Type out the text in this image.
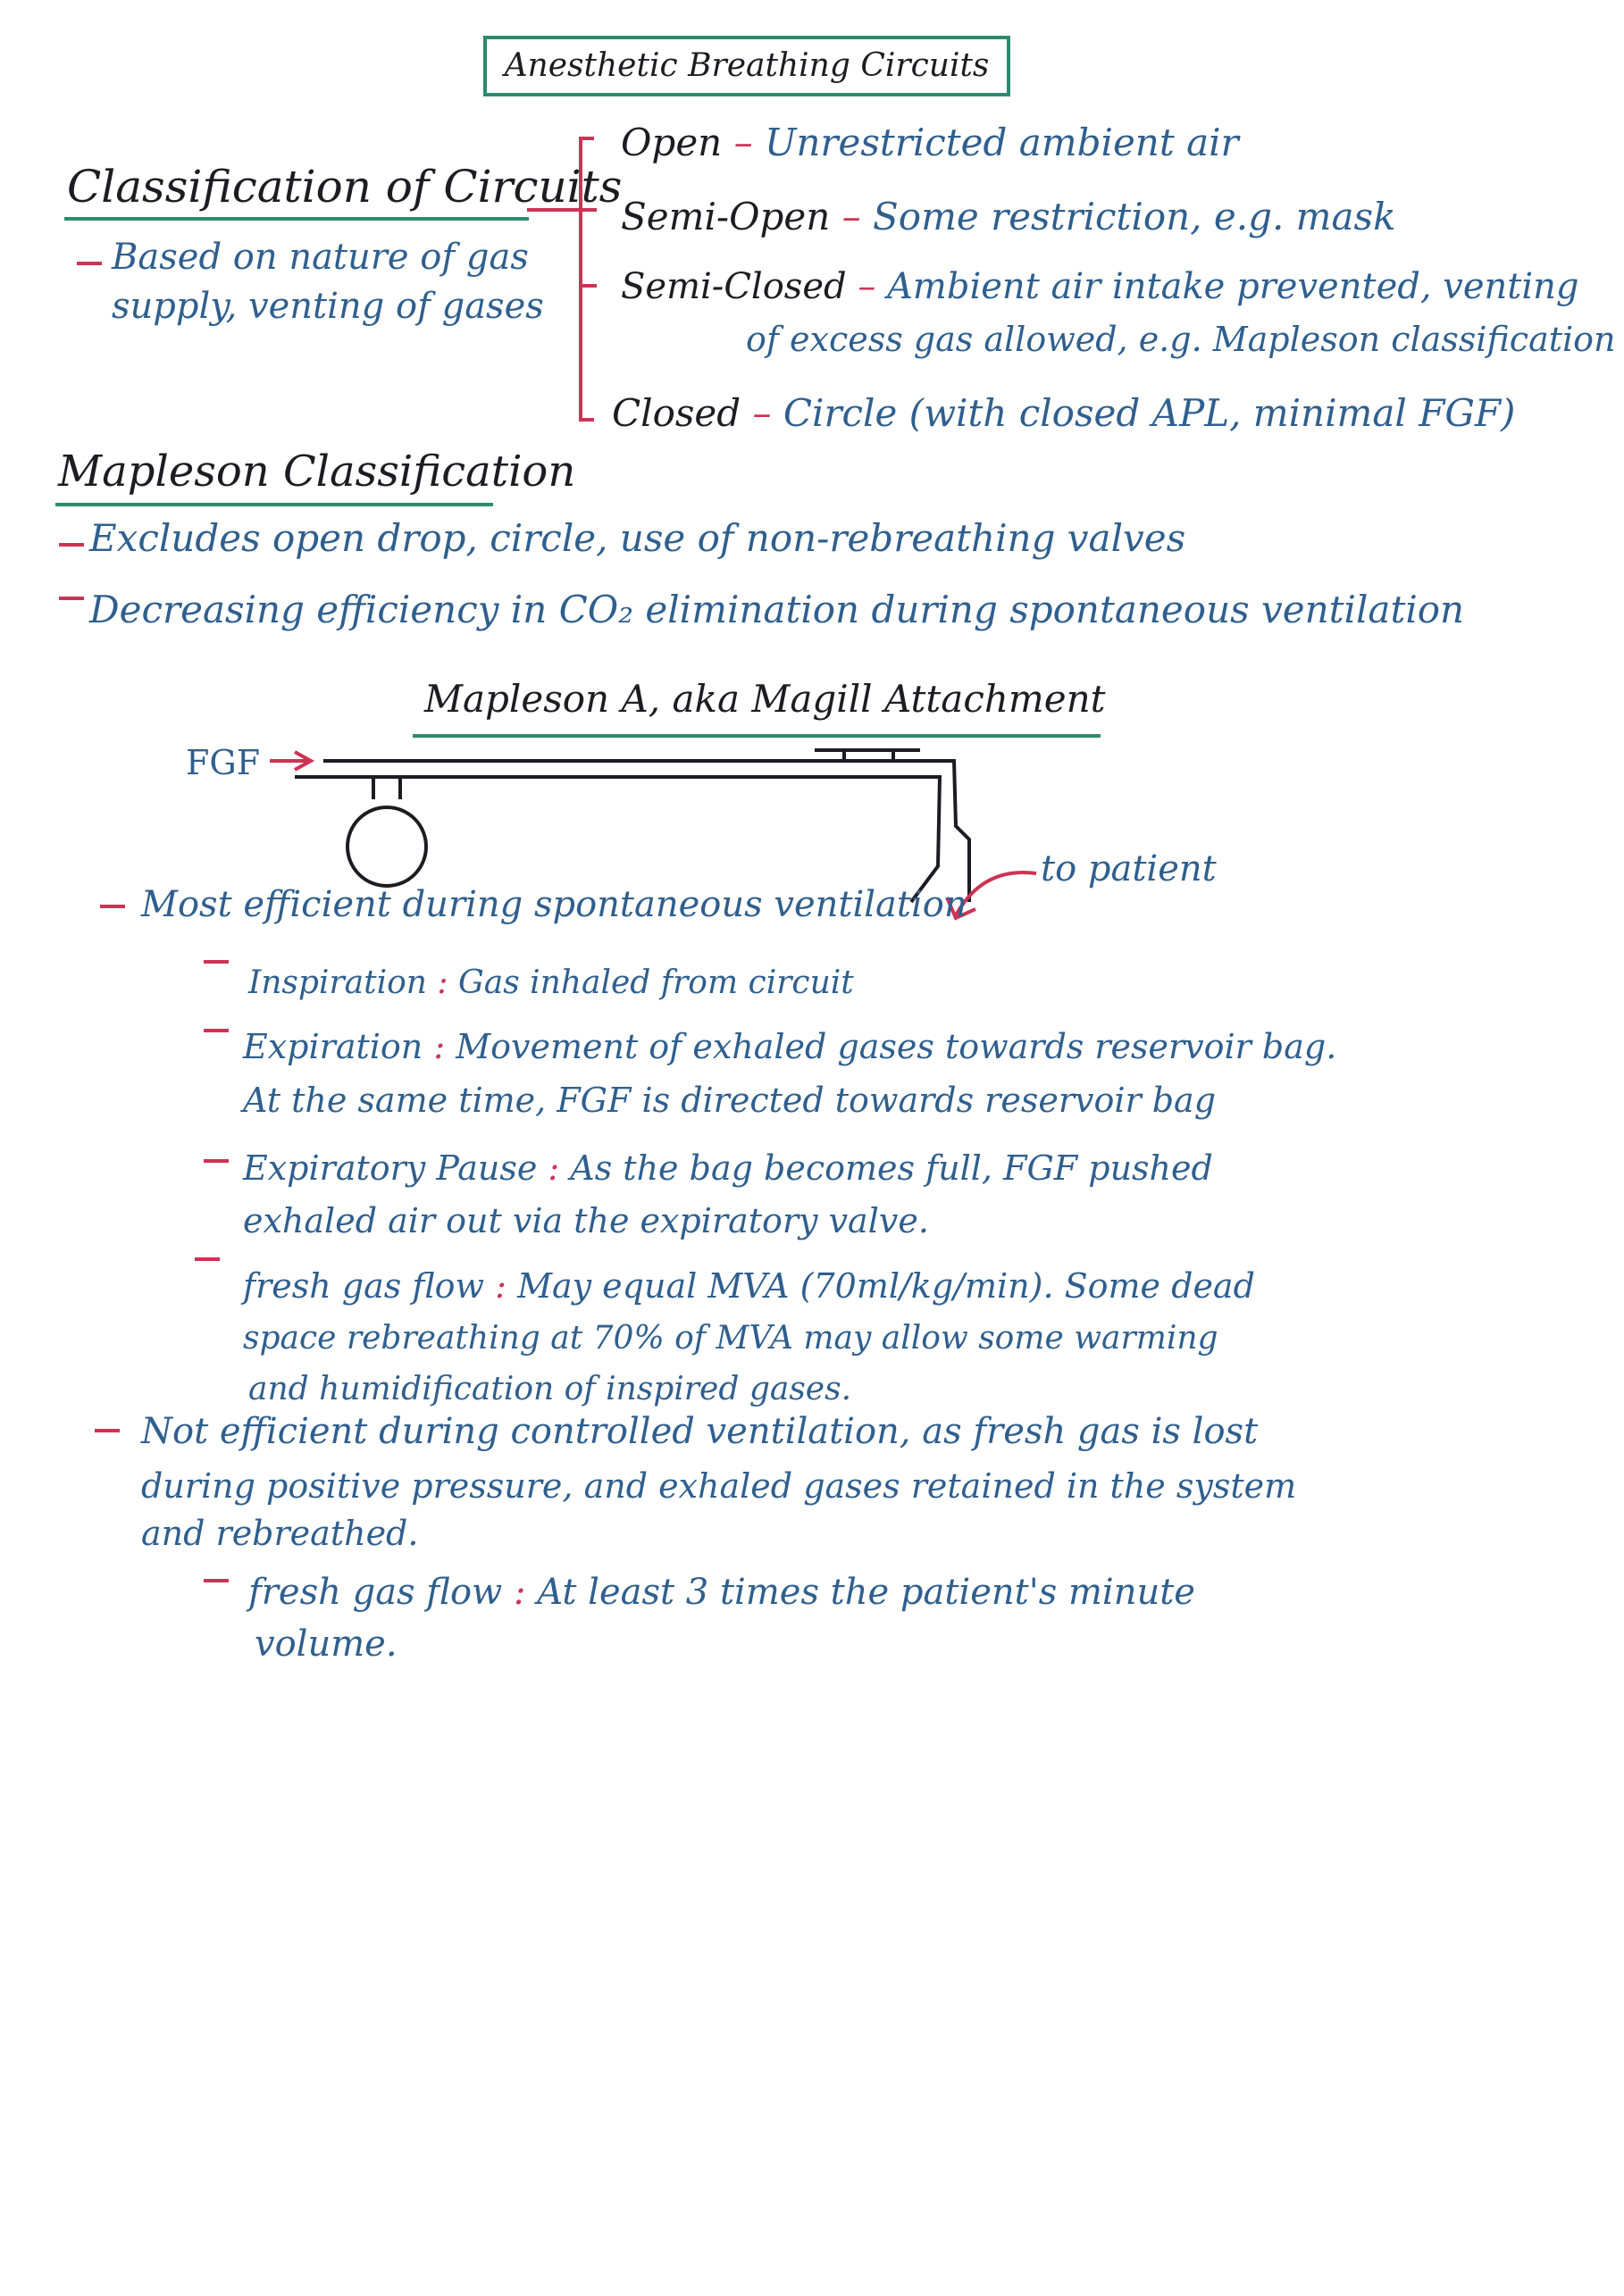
Anesthetic Breathing Circuits
Classification of Circuits
Based on nature of gas
supply, venting of gases
Open – Unrestricted ambient air
Semi-Open – Some restriction, e.g. mask
Semi-Closed – Ambient air intake prevented, venting
of excess gas allowed, e.g. Mapleson classification
Closed – Circle (with closed APL, minimal FGF)
Mapleson Classification
Excludes open drop, circle, use of non-rebreathing valves
Decreasing efficiency in CO₂ elimination during spontaneous ventilation
Mapleson A, aka Magill Attachment
FGF
to patient
Most efficient during spontaneous ventilation
Inspiration : Gas inhaled from circuit
Expiration : Movement of exhaled gases towards reservoir bag.
At the same time, FGF is directed towards reservoir bag
Expiratory Pause : As the bag becomes full, FGF pushed
exhaled air out via the expiratory valve.
fresh gas flow : May equal MVA (70ml/kg/min). Some dead
space rebreathing at 70% of MVA may allow some warming
and humidification of inspired gases.
Not efficient during controlled ventilation, as fresh gas is lost
during positive pressure, and exhaled gases retained in the system
and rebreathed.
fresh gas flow : At least 3 times the patient's minute
volume.
